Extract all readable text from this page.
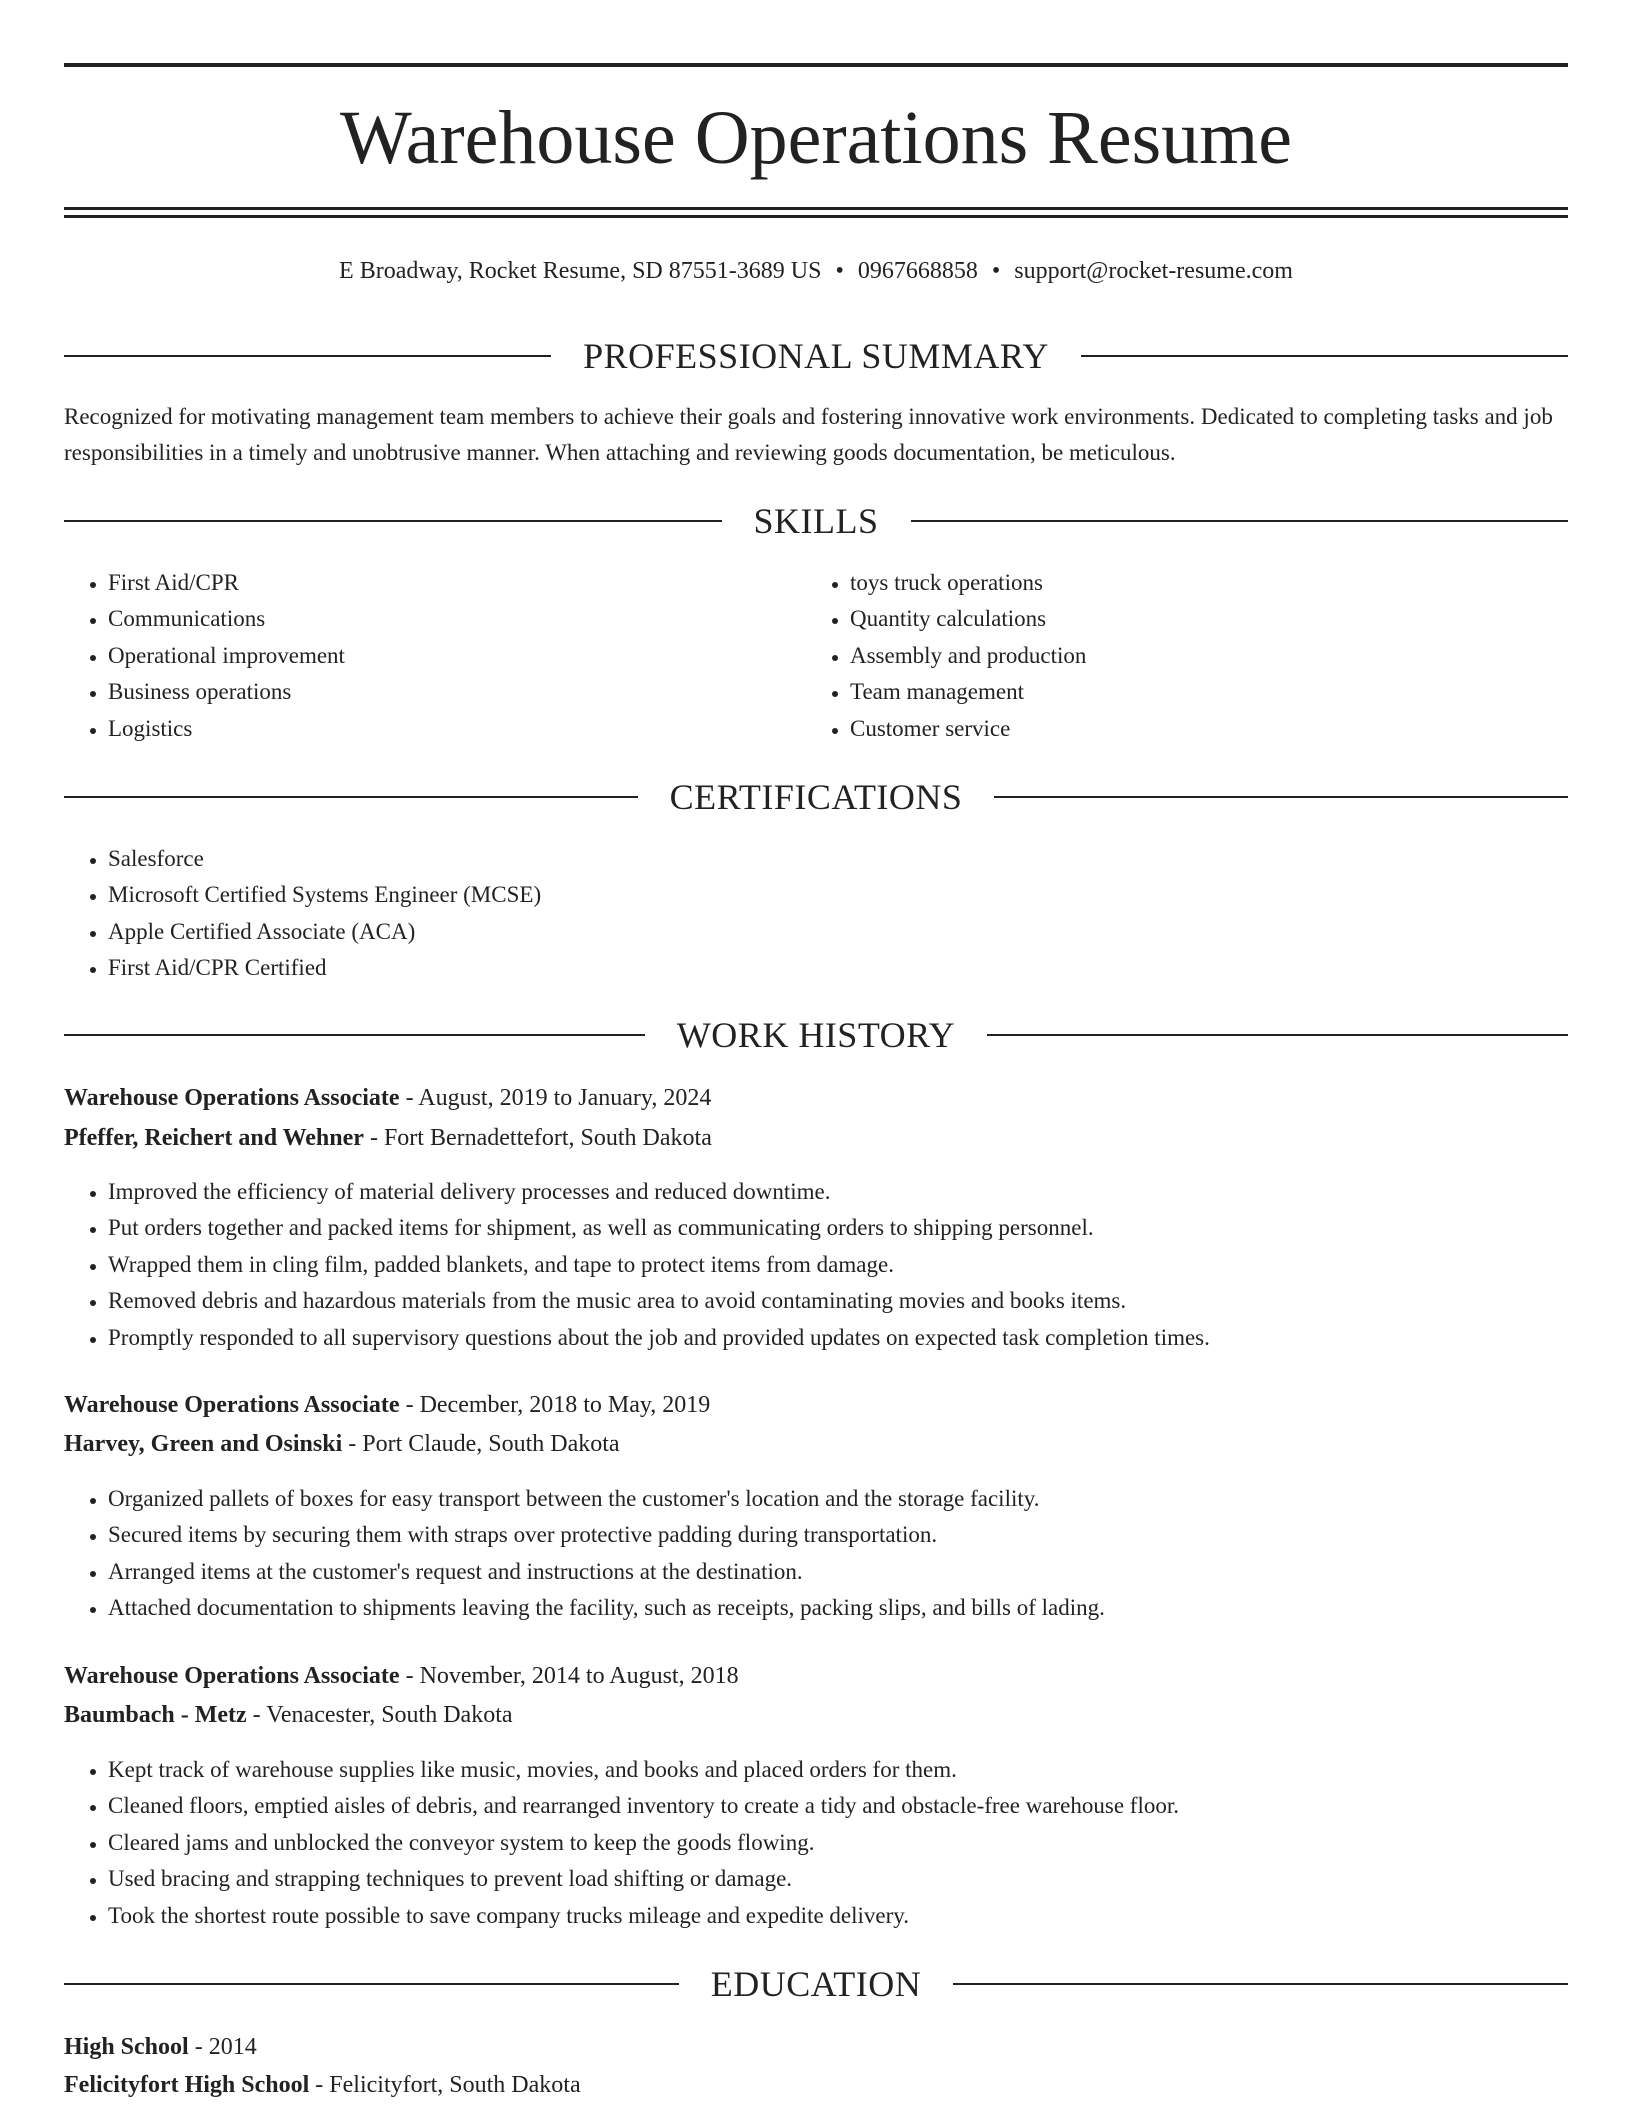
Warehouse Operations Resume
E Broadway, Rocket Resume, SD 87551-3689 US • 0967668858 • support@rocket-resume.com
PROFESSIONAL SUMMARY

Recognized for motivating management team members to achieve their goals and fostering innovative work environments. Dedicated to completing tasks and job responsibilities in a timely and unobtrusive manner. When attaching and reviewing goods documentation, be meticulous.

SKILLS
• First Aid/CPR
• Communications
• Operational improvement
• Business operations
• Logistics
• toys truck operations
• Quantity calculations
• Assembly and production
• Team management
• Customer service
CERTIFICATIONS
• Salesforce
• Microsoft Certified Systems Engineer (MCSE)
• Apple Certified Associate (ACA)
• First Aid/CPR Certified
WORK HISTORY
Warehouse Operations Associate - August, 2019 to January, 2024
Pfeffer, Reichert and Wehner - Fort Bernadettefort, South Dakota
• Improved the efficiency of material delivery processes and reduced downtime.
• Put orders together and packed items for shipment, as well as communicating orders to shipping personnel.
• Wrapped them in cling film, padded blankets, and tape to protect items from damage.
• Removed debris and hazardous materials from the music area to avoid contaminating movies and books items.
• Promptly responded to all supervisory questions about the job and provided updates on expected task completion times.
Warehouse Operations Associate - December, 2018 to May, 2019
Harvey, Green and Osinski - Port Claude, South Dakota
• Organized pallets of boxes for easy transport between the customer's location and the storage facility.
• Secured items by securing them with straps over protective padding during transportation.
• Arranged items at the customer's request and instructions at the destination.
• Attached documentation to shipments leaving the facility, such as receipts, packing slips, and bills of lading.
Warehouse Operations Associate - November, 2014 to August, 2018
Baumbach - Metz - Venacester, South Dakota
• Kept track of warehouse supplies like music, movies, and books and placed orders for them.
• Cleaned floors, emptied aisles of debris, and rearranged inventory to create a tidy and obstacle-free warehouse floor.
• Cleared jams and unblocked the conveyor system to keep the goods flowing.
• Used bracing and strapping techniques to prevent load shifting or damage.
• Took the shortest route possible to save company trucks mileage and expedite delivery.
EDUCATION
High School - 2014
Felicityfort High School - Felicityfort, South Dakota
